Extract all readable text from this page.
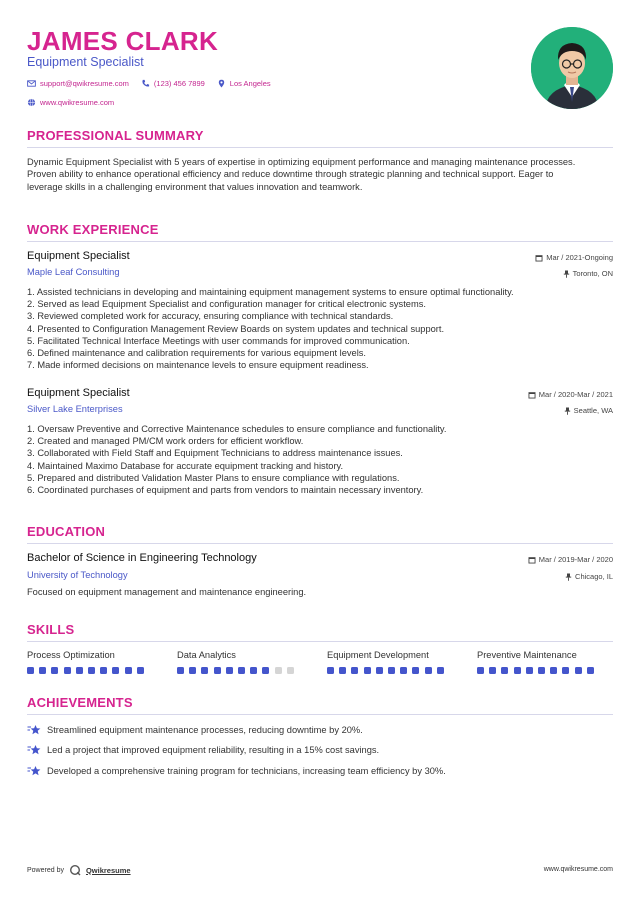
JAMES CLARK
Equipment Specialist
support@qwikresume.com	(123) 456 7899	Los Angeles
www.qwikresume.com
PROFESSIONAL SUMMARY
Dynamic Equipment Specialist with 5 years of expertise in optimizing equipment performance and managing maintenance processes. Proven ability to enhance operational efficiency and reduce downtime through strategic planning and technical support. Eager to leverage skills in a challenging environment that values innovation and teamwork.
WORK EXPERIENCE
Equipment Specialist	Mar / 2021-Ongoing
Maple Leaf Consulting	Toronto, ON
1. Assisted technicians in developing and maintaining equipment management systems to ensure optimal functionality.
2. Served as lead Equipment Specialist and configuration manager for critical electronic systems.
3. Reviewed completed work for accuracy, ensuring compliance with technical standards.
4. Presented to Configuration Management Review Boards on system updates and technical support.
5. Facilitated Technical Interface Meetings with user commands for improved communication.
6. Defined maintenance and calibration requirements for various equipment levels.
7. Made informed decisions on maintenance levels to ensure equipment readiness.
Equipment Specialist	Mar / 2020-Mar / 2021
Silver Lake Enterprises	Seattle, WA
1. Oversaw Preventive and Corrective Maintenance schedules to ensure compliance and functionality.
2. Created and managed PM/CM work orders for efficient workflow.
3. Collaborated with Field Staff and Equipment Technicians to address maintenance issues.
4. Maintained Maximo Database for accurate equipment tracking and history.
5. Prepared and distributed Validation Master Plans to ensure compliance with regulations.
6. Coordinated purchases of equipment and parts from vendors to maintain necessary inventory.
EDUCATION
Bachelor of Science in Engineering Technology	Mar / 2019-Mar / 2020
University of Technology	Chicago, IL
Focused on equipment management and maintenance engineering.
SKILLS
Process Optimization	Data Analytics	Equipment Development	Preventive Maintenance
ACHIEVEMENTS
Streamlined equipment maintenance processes, reducing downtime by 20%.
Led a project that improved equipment reliability, resulting in a 15% cost savings.
Developed a comprehensive training program for technicians, increasing team efficiency by 30%.
Powered by	Qwikresume	www.qwikresume.com
